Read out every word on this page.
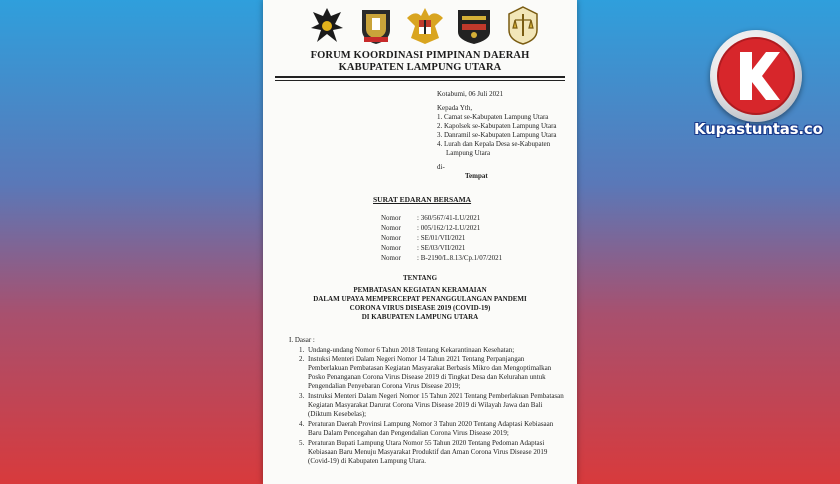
FORUM KOORDINASI PIMPINAN DAERAH
KABUPATEN LAMPUNG UTARA
Kotabumi, 06 Juli 2021
Kepada Yth,
1. Camat se-Kabupaten Lampung Utara
2. Kapolsek se-Kabupaten Lampung Utara
3. Danramil se-Kabupaten Lampung Utara
4. Lurah dan Kepala Desa se-Kabupaten
Lampung Utara
di-
Tempat
SURAT EDARAN BERSAMA
Nomor : 360/567/41-LU/2021
Nomor : 005/162/12-LU/2021
Nomor : SE/01/VII/2021
Nomor : SE/03/VII/2021
Nomor : B-2190/L.8.13/Cp.1/07/2021
TENTANG
PEMBATASAN KEGIATAN KERAMAIAN
DALAM UPAYA MEMPERCEPAT PENANGGULANGAN PANDEMI
CORONA VIRUS DISEASE 2019 (COVID-19)
DI KABUPATEN LAMPUNG UTARA
I. Dasar :
1. Undang-undang Nomor 6 Tahun 2018 Tentang Kekarantinaan Kesehatan;
2. Instuksi Menteri Dalam Negeri Nomor 14 Tahun 2021 Tentang Perpanjangan
Pemberlakuan Pembatasan Kegiatan Masyarakat Berbasis Mikro dan Mengoptimalkan
Posko Penanganan Corona Virus Disease 2019 di Tingkat Desa dan Kelurahan untuk
Pengendalian Penyebaran Corona Virus Disease 2019;
3. Instruksi Menteri Dalam Negeri Nomor 15 Tahun 2021 Tentang Pemberlakuan Pembatasan
Kegiatan Masyarakat Darurat Corona Virus Disease 2019 di Wilayah Jawa dan Bali
(Diktum Kesebelas);
4. Peraturan Daerah Provinsi Lampung Nomor 3 Tahun 2020 Tentang Adaptasi Kebiasaan
Baru Dalam Pencegahan dan Pengendalian Corona Virus Disease 2019;
5. Peraturan Bupati Lampung Utara Nomor 55 Tahun 2020 Tentang Pedoman Adaptasi
Kebiasaan Baru Menuju Masyarakat Produktif dan Aman Corona Virus Disease 2019
(Covid-19) di Kabupaten Lampung Utara.
Kupastuntas.co
